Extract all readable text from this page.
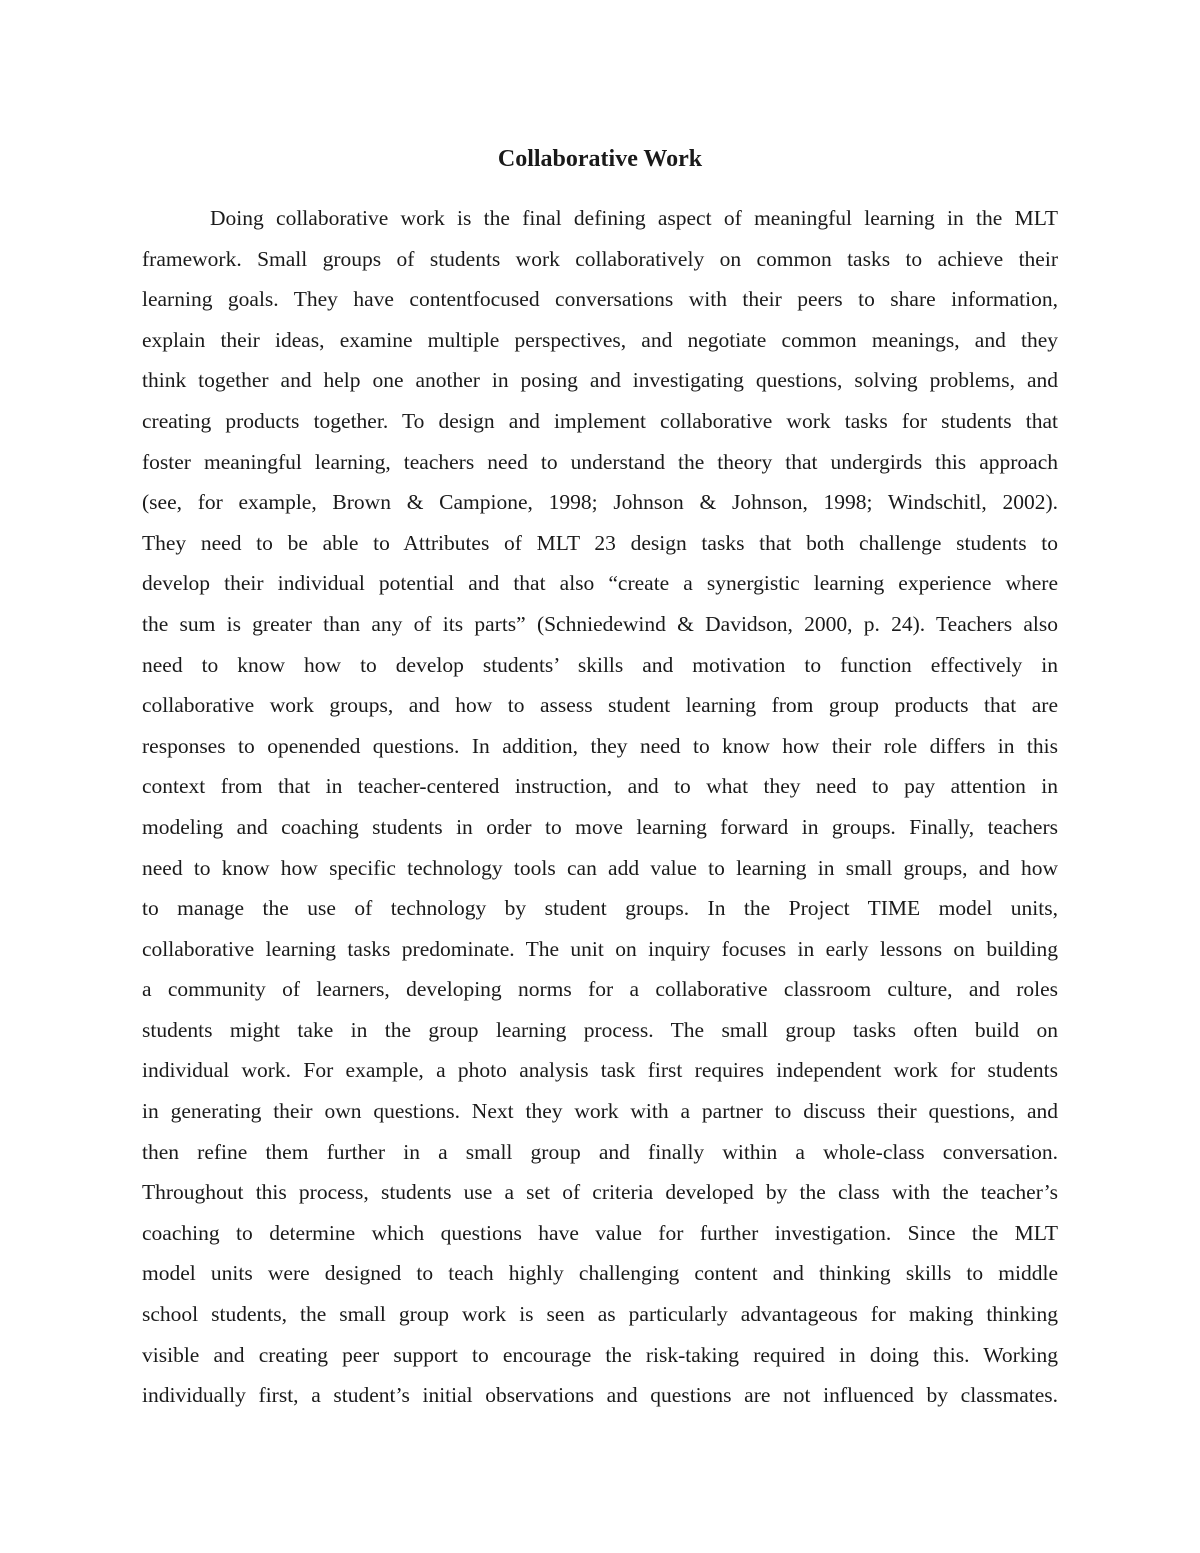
Collaborative Work
Doing collaborative work is the final defining aspect of meaningful learning in the MLT
framework. Small groups of students work collaboratively on common tasks to achieve their
learning goals. They have contentfocused conversations with their peers to share information,
explain their ideas, examine multiple perspectives, and negotiate common meanings, and they
think together and help one another in posing and investigating questions, solving problems, and
creating products together. To design and implement collaborative work tasks for students that
foster meaningful learning, teachers need to understand the theory that undergirds this approach
(see, for example, Brown & Campione, 1998; Johnson & Johnson, 1998; Windschitl, 2002).
They need to be able to Attributes of MLT 23 design tasks that both challenge students to
develop their individual potential and that also “create a synergistic learning experience where
the sum is greater than any of its parts” (Schniedewind & Davidson, 2000, p. 24). Teachers also
need to know how to develop students’ skills and motivation to function effectively in
collaborative work groups, and how to assess student learning from group products that are
responses to openended questions. In addition, they need to know how their role differs in this
context from that in teacher-centered instruction, and to what they need to pay attention in
modeling and coaching students in order to move learning forward in groups. Finally, teachers
need to know how specific technology tools can add value to learning in small groups, and how
to manage the use of technology by student groups. In the Project TIME model units,
collaborative learning tasks predominate. The unit on inquiry focuses in early lessons on building
a community of learners, developing norms for a collaborative classroom culture, and roles
students might take in the group learning process. The small group tasks often build on
individual work. For example, a photo analysis task first requires independent work for students
in generating their own questions. Next they work with a partner to discuss their questions, and
then refine them further in a small group and finally within a whole-class conversation.
Throughout this process, students use a set of criteria developed by the class with the teacher’s
coaching to determine which questions have value for further investigation. Since the MLT
model units were designed to teach highly challenging content and thinking skills to middle
school students, the small group work is seen as particularly advantageous for making thinking
visible and creating peer support to encourage the risk-taking required in doing this. Working
individually first, a student’s initial observations and questions are not influenced by classmates.
